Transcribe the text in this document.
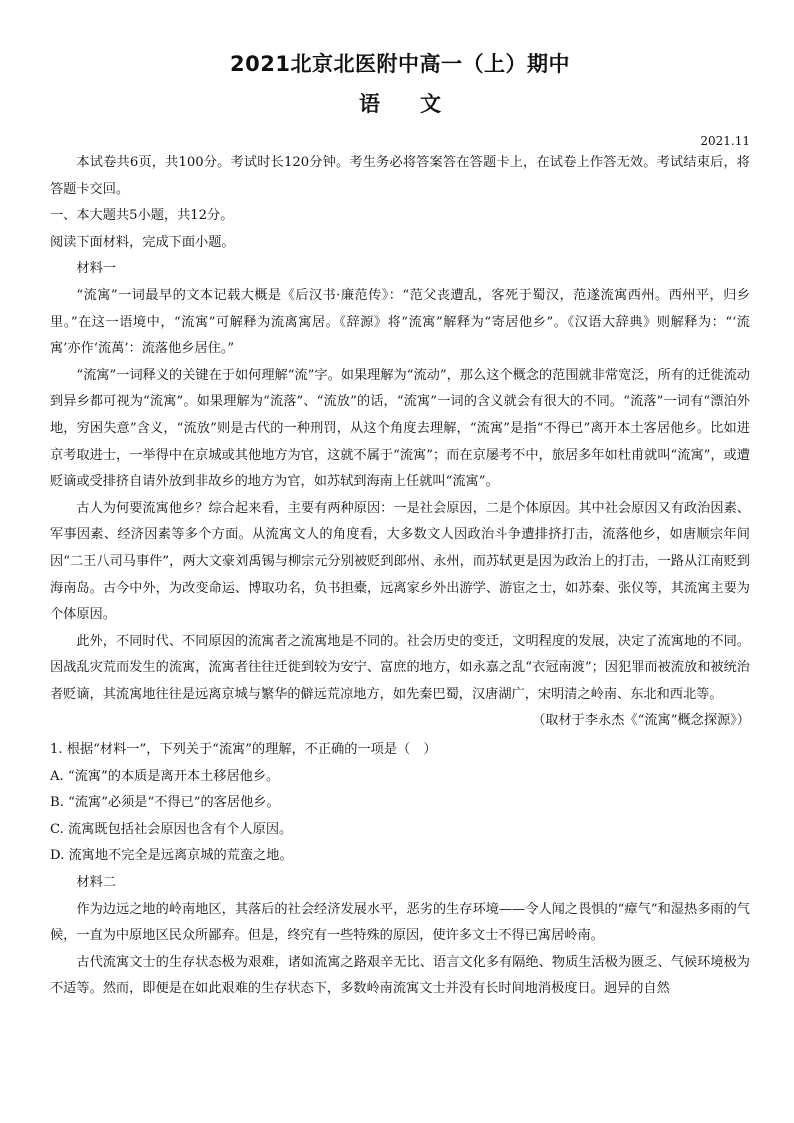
2021北京北医附中高一（上）期中
语文
2021.11

本试卷共6页，共100分。考试时长120分钟。考生务必将答案答在答题卡上，在试卷上作答无效。考试结束后，将答题卡交回。

一、本大题共5小题，共12分。

阅读下面材料，完成下面小题。

材料一

“流寓”一词最早的文本记载大概是《后汉书·廉范传》：“范父丧遭乱，客死于蜀汉，范遂流寓西州。西州平，归乡里。”在这一语境中，“流寓”可解释为流离寓居。《辞源》将“流寓”解释为“寄居他乡”。《汉语大辞典》则解释为：“‘流寓’亦作‘流萬’：流落他乡居住。”

“流寓”一词释义的关键在于如何理解“流”字。如果理解为“流动”，那么这个概念的范围就非常宽泛，所有的迁徙流动到异乡都可视为“流寓”。如果理解为“流落”、“流放”的话，“流寓”一词的含义就会有很大的不同。“流落”一词有“漂泊外地，穷困失意”含义，“流放”则是古代的一种刑罚，从这个角度去理解，“流寓”是指“不得已”离开本土客居他乡。比如进京考取进士，一举得中在京城或其他地方为官，这就不属于“流寓”；而在京屡考不中，旅居多年如杜甫就叫“流寓”，或遭贬谪或受排挤自请外放到非故乡的地方为官，如苏轼到海南上任就叫“流寓”。

古人为何要流寓他乡？综合起来看，主要有两种原因：一是社会原因，二是个体原因。其中社会原因又有政治因素、军事因素、经济因素等多个方面。从流寓文人的角度看，大多数文人因政治斗争遭排挤打击，流落他乡，如唐顺宗年间因“二王八司马事件”，两大文豪刘禹锡与柳宗元分别被贬到郎州、永州，而苏轼更是因为政治上的打击，一路从江南贬到海南岛。古今中外，为改变命运、博取功名，负书担橐，远离家乡外出游学、游宦之士，如苏秦、张仪等，其流寓主要为个体原因。

此外，不同时代、不同原因的流寓者之流寓地是不同的。社会历史的变迁，文明程度的发展，决定了流寓地的不同。因战乱灾荒而发生的流寓，流寓者往往迁徙到较为安宁、富庶的地方，如永嘉之乱“衣冠南渡”；因犯罪而被流放和被统治者贬谪，其流寓地往往是远离京城与繁华的僻远荒凉地方，如先秦巴蜀，汉唐湖广，宋明清之岭南、东北和西北等。

（取材于李永杰《“流寓”概念探源》）

1. 根据“材料一”，下列关于“流寓”的理解，不正确的一项是（　）

A. “流寓”的本质是离开本土移居他乡。

B. “流寓”必须是“不得已”的客居他乡。

C. 流寓既包括社会原因也含有个人原因。

D. 流寓地不完全是远离京城的荒蛮之地。

材料二

作为边远之地的岭南地区，其落后的社会经济发展水平，恶劣的生存环境——令人闻之畏惧的“瘴气”和湿热多雨的气候，一直为中原地区民众所鄙弃。但是，终究有一些特殊的原因，使许多文士不得已寓居岭南。

古代流寓文士的生存状态极为艰难，诸如流寓之路艰辛无比、语言文化多有隔绝、物质生活极为匮乏、气候环境极为不适等。然而，即便是在如此艰难的生存状态下，多数岭南流寓文士并没有长时间地消极度日。迥异的自然
